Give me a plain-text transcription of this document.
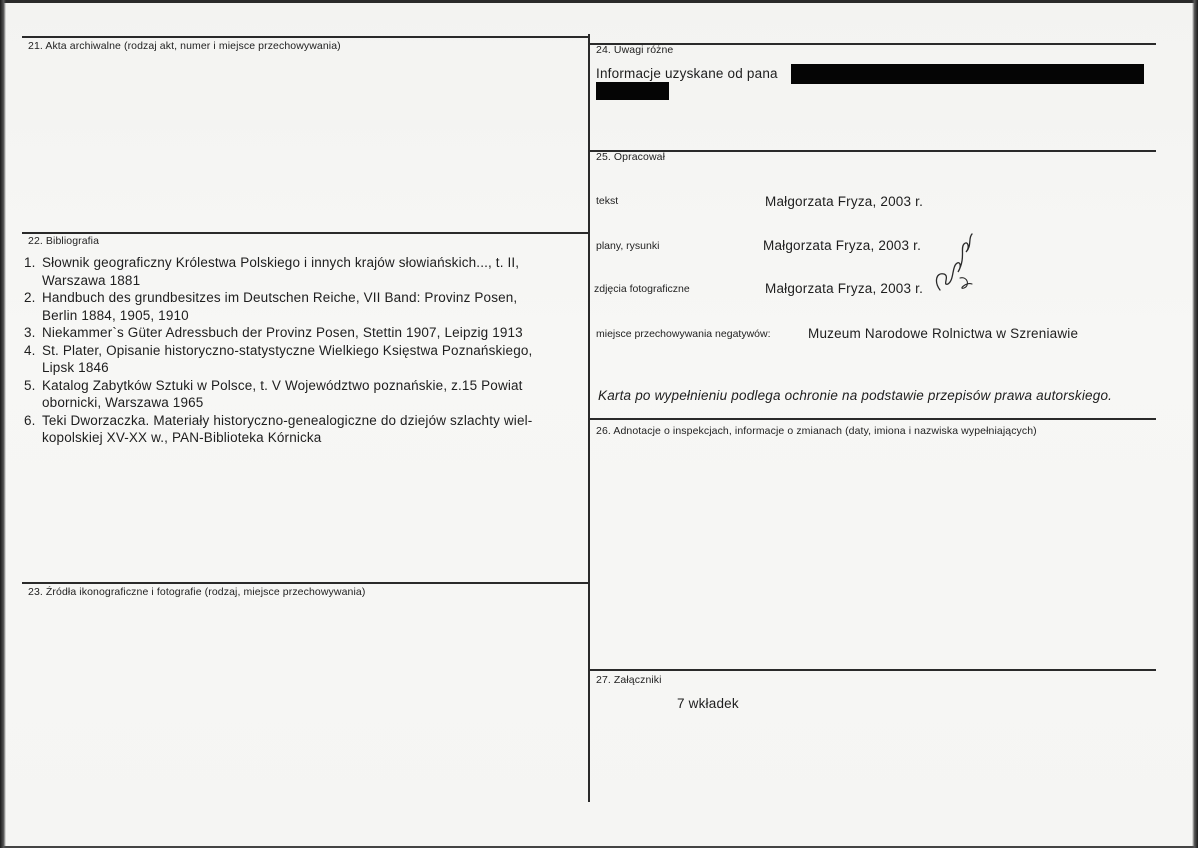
21. Akta archiwalne (rodzaj akt, numer i miejsce przechowywania)
22. Bibliografia
1. Słownik geograficzny Królestwa Polskiego i innych krajów słowiańskich..., t. II,
Warszawa 1881
2. Handbuch des grundbesitzes im Deutschen Reiche, VII Band: Provinz Posen,
Berlin 1884, 1905, 1910
3. Niekammer`s Güter Adressbuch der Provinz Posen, Stettin 1907, Leipzig 1913
4. St. Plater, Opisanie historyczno-statystyczne Wielkiego Księstwa Poznańskiego,
Lipsk 1846
5. Katalog Zabytków Sztuki w Polsce, t. V Województwo poznańskie, z.15 Powiat
obornicki, Warszawa 1965
6. Teki Dworzaczka. Materiały historyczno-genealogiczne do dziejów szlachty wiel-
kopolskiej XV-XX w., PAN-Biblioteka Kórnicka
23. Źródła ikonograficzne i fotografie (rodzaj, miejsce przechowywania)
24. Uwagi różne
Informacje uzyskane od pana
25. Opracował
tekst	Małgorzata Fryza, 2003 r.
plany, rysunki	Małgorzata Fryza, 2003 r.
zdjęcia fotograficzne	Małgorzata Fryza, 2003 r.
miejsce przechowywania negatywów:	Muzeum Narodowe Rolnictwa w Szreniawie
Karta po wypełnieniu podlega ochronie na podstawie przepisów prawa autorskiego.
26. Adnotacje o inspekcjach, informacje o zmianach (daty, imiona i nazwiska wypełniających)
27. Załączniki
7 wkładek
